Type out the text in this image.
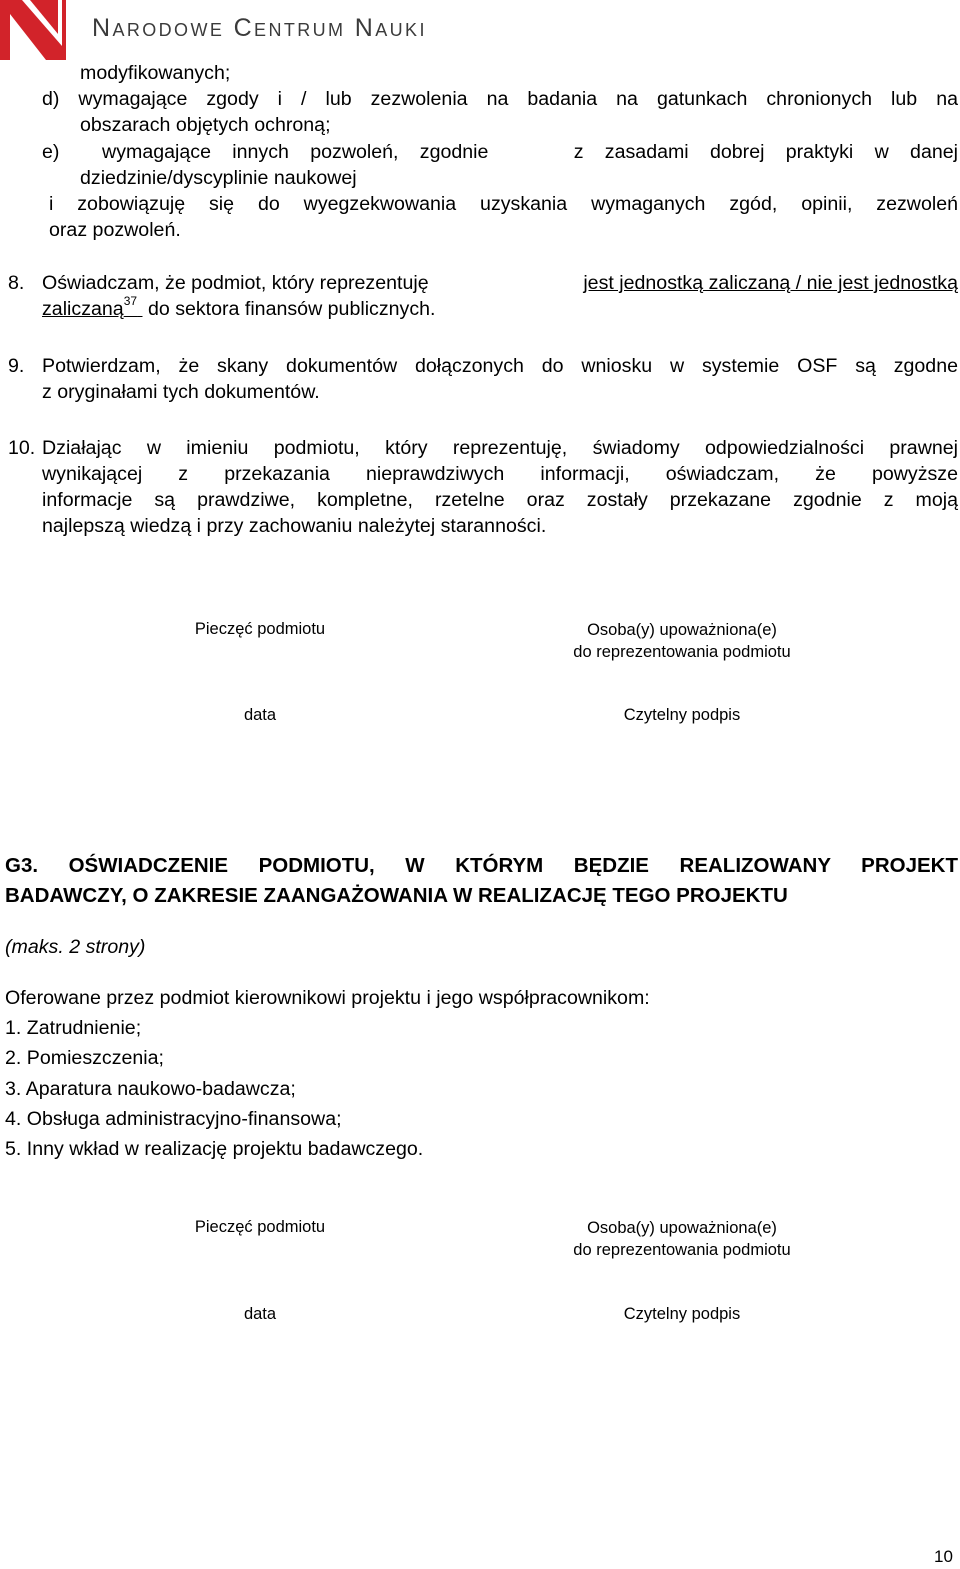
Narodowe Centrum Nauki
modyfikowanych;
d) wymagające zgody i / lub zezwolenia na badania na gatunkach chronionych lub na
obszarach objętych ochroną;
e)  wymagające innych pozwoleń, zgodnie    z zasadami dobrej praktyki w danej
dziedzinie/dyscyplinie naukowej
i zobowiązuję się do wyegzekwowania uzyskania wymaganych zgód, opinii, zezwoleń
oraz pozwoleń.
8. Oświadczam, że podmiot, który reprezentuję	jest jednostką zaliczaną / nie jest jednostką
zaliczaną$^{37}$ do sektora finansów publicznych.
9. Potwierdzam, że skany dokumentów dołączonych do wniosku w systemie OSF są zgodne
z oryginałami tych dokumentów.
10. Działając w imieniu podmiotu, który reprezentuję, świadomy odpowiedzialności prawnej
wynikającej z przekazania nieprawdziwych informacji, oświadczam, że powyższe
informacje są prawdziwe, kompletne, rzetelne oraz zostały przekazane zgodnie z moją
najlepszą wiedzą i przy zachowaniu należytej staranności.
Pieczęć podmiotu	Osoba(y) upoważniona(e)
do reprezentowania podmiotu
data	Czytelny podpis
G3.  OŚWIADCZENIE  PODMIOTU,  W  KTÓRYM  BĘDZIE  REALIZOWANY  PROJEKT
BADAWCZY, O ZAKRESIE ZAANGAŻOWANIA W REALIZACJĘ TEGO PROJEKTU
(maks. 2 strony)
Oferowane przez podmiot kierownikowi projektu i jego współpracownikom:
1. Zatrudnienie;
2. Pomieszczenia;
3. Aparatura naukowo-badawcza;
4. Obsługa administracyjno-finansowa;
5. Inny wkład w realizację projektu badawczego.
Pieczęć podmiotu	Osoba(y) upoważniona(e)
do reprezentowania podmiotu
data	Czytelny podpis
10
